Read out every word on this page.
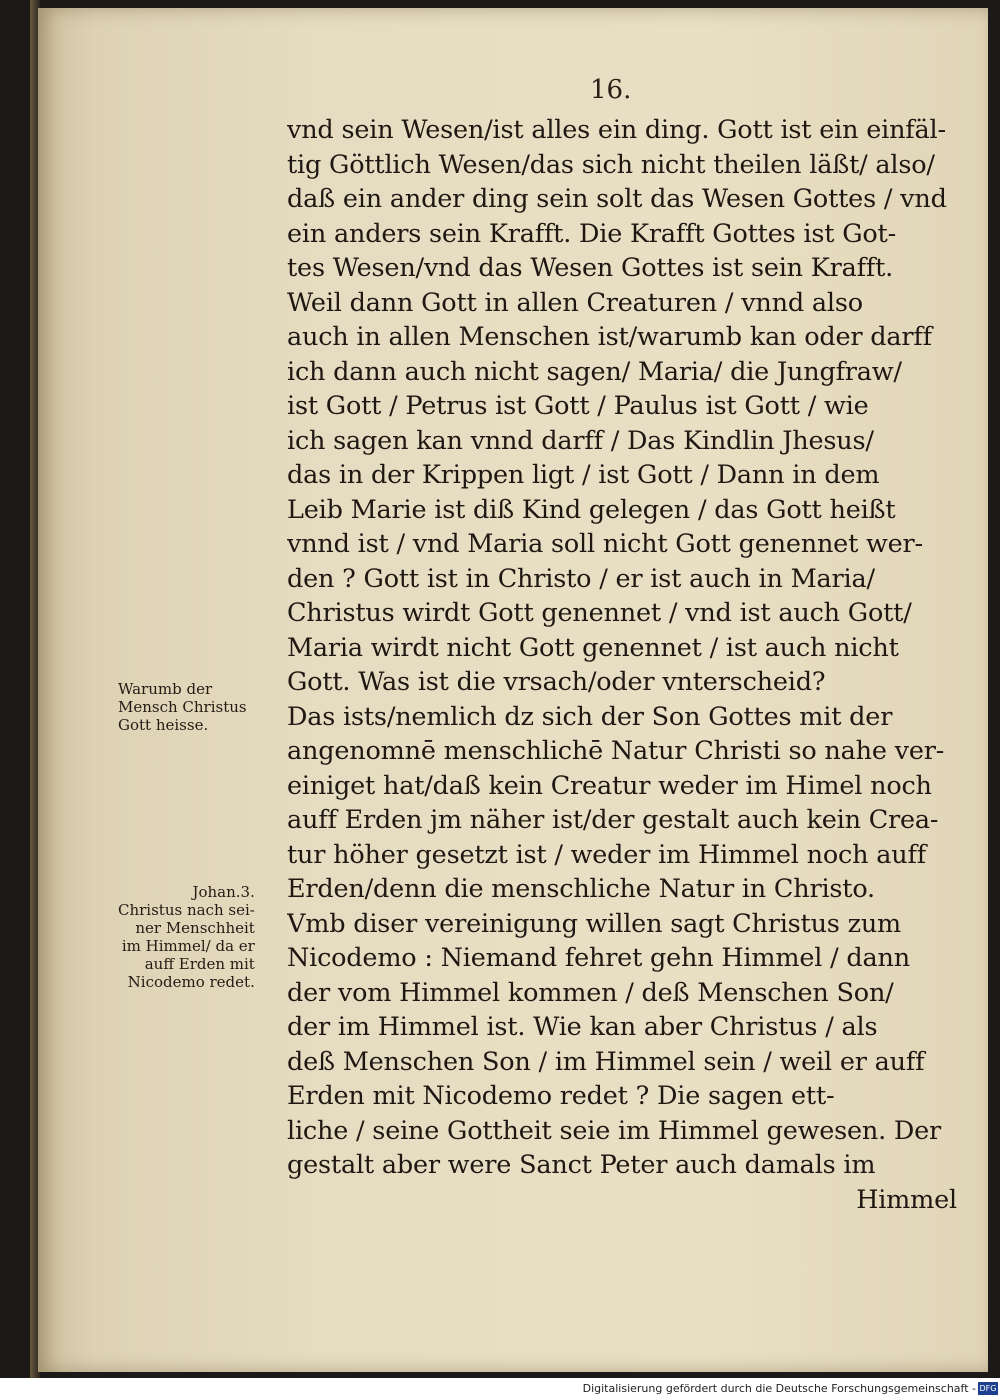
16.
vnd sein Wesen/ist alles ein ding. Gott ist ein einfäl-
tig Göttlich Wesen/das sich nicht theilen läßt/ also/
daß ein ander ding sein solt das Wesen Gottes / vnd
ein anders sein Krafft. Die Krafft Gottes ist Got-
tes Wesen/vnd das Wesen Gottes ist sein Krafft.
Weil dann Gott in allen Creaturen / vnnd also
auch in allen Menschen ist/warumb kan oder darff
ich dann auch nicht sagen/ Maria/ die Jungfraw/
ist Gott / Petrus ist Gott / Paulus ist Gott / wie
ich sagen kan vnnd darff / Das Kindlin Jhesus/
das in der Krippen ligt / ist Gott / Dann in dem
Leib Marie ist diß Kind gelegen / das Gott heißt
vnnd ist / vnd Maria soll nicht Gott genennet wer-
den ? Gott ist in Christo / er ist auch in Maria/
Christus wirdt Gott genennet / vnd ist auch Gott/
Maria wirdt nicht Gott genennet / ist auch nicht
Gott. Was ist die vrsach/oder vnterscheid?
Das ists/nemlich dz sich der Son Gottes mit der
angenomnē menschlichē Natur Christi so nahe ver-
einiget hat/daß kein Creatur weder im Himel noch
auff Erden jm näher ist/der gestalt auch kein Crea-
tur höher gesetzt ist / weder im Himmel noch auff
Erden/denn die menschliche Natur in Christo.
Vmb diser vereinigung willen sagt Christus zum
Nicodemo : Niemand fehret gehn Himmel / dann
der vom Himmel kommen / deß Menschen Son/
der im Himmel ist. Wie kan aber Christus / als
deß Menschen Son / im Himmel sein / weil er auff
Erden mit Nicodemo redet ? Die sagen ett-
liche / seine Gottheit seie im Himmel gewesen. Der
gestalt aber were Sanct Peter auch damals im
Himmel
Warumb der
Mensch Christus
Gott heisse.
Johan.3.
Christus nach sei-
ner Menschheit
im Himmel/ da er
auff Erden mit
Nicodemo redet.
Digitalisierung gefördert durch die Deutsche Forschungsgemeinschaft - DFG
